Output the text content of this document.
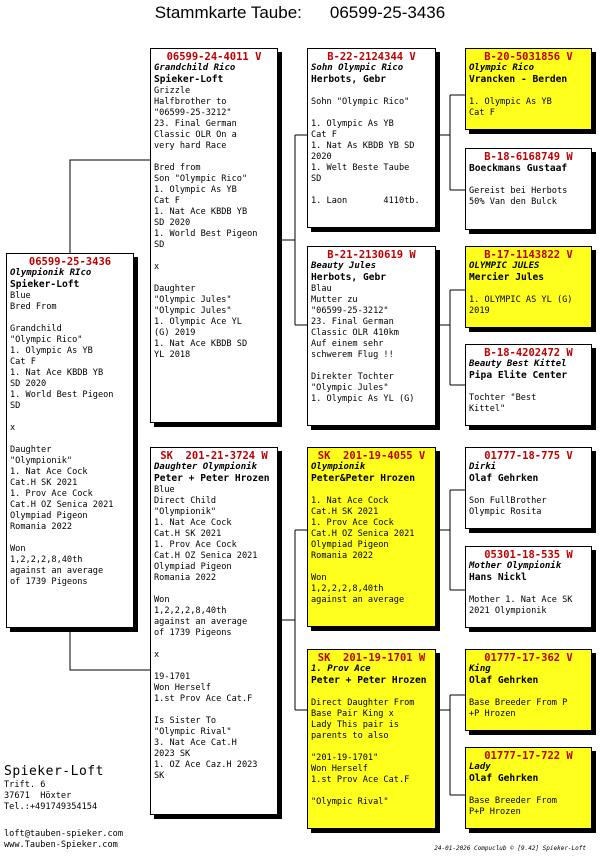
Stammkarte Taube: 06599-25-3436
06599-25-3436
Olympionik RIco
Spieker-Loft
Blue
Bred From
Grandchild
"Olympic Rico"
1. Olympic As YB
Cat F
1. Nat Ace KBDB YB
SD 2020
1. World Best Pigeon
SD
x
Daughter
"Olympionik"
1. Nat Ace Cock
Cat.H SK 2021
1. Prov Ace Cock
Cat.H OZ Senica 2021
Olympiad Pigeon
Romania 2022
Won
1,2,2,2,8,40th
against an average
of 1739 Pigeons
06599-24-4011 V
Grandchild Rico
Spieker-Loft
Grizzle
Halfbrother to
"06599-25-3212"
23. Final German
Classic OLR On a
very hard Race
Bred from
Son "Olympic Rico"
1. Olympic As YB
Cat F
1. Nat Ace KBDB YB
SD 2020
1. World Best Pigeon
SD
x
Daughter
"Olympic Jules"
"Olympic Jules"
1. Olympic Ace YL
(G) 2019
1. Nat Ace KBDB SD
YL 2018
SK  201-21-3724 W
Daughter Olympionik
Peter + Peter Hrozen
Blue
Direct Child
"Olympionik"
1. Nat Ace Cock
Cat.H SK 2021
1. Prov Ace Cock
Cat.H OZ Senica 2021
Olympiad Pigeon
Romania 2022
Won
1,2,2,2,8,40th
against an average
of 1739 Pigeons
x
19-1701
Won Herself
1.st Prov Ace Cat.F
Is Sister To
"Olympic Rival"
3. Nat Ace Cat.H
2023 SK
1. OZ Ace Caz.H 2023
SK
B-22-2124344 V
Sohn Olympic Rico
Herbots, Gebr
Sohn "Olympic Rico"
1. Olympic As YB
Cat F
1. Nat As KBDB YB SD
2020
1. Welt Beste Taube
SD
1. Laon       4110tb.
B-21-2130619 W
Beauty Jules
Herbots, Gebr
Blau
Mutter zu
"06599-25-3212"
23. Final German
Classic OLR 410km
Auf einem sehr
schwerem Flug !!
Direkter Tochter
"Olympic Jules"
1. Olympic As YL (G)
SK  201-19-4055 V
Olympionik
Peter&Peter Hrozen
1. Nat Ace Cock
Cat.H SK 2021
1. Prov Ace Cock
Cat.H OZ Senica 2021
Olympiad Pigeon
Romania 2022
Won
1,2,2,2,8,40th
against an average
SK  201-19-1701 W
1. Prov Ace
Peter + Peter Hrozen
Direct Daughter From
Base Pair King x
Lady This pair is
parents to also
"201-19-1701"
Won Herself
1.st Prov Ace Cat.F
"Olympic Rival"
B-20-5031856 V
Olympic Rico
Vrancken - Berden
1. Olympic As YB
Cat F
B-18-6168749 W
Boeckmans Gustaaf
Gereist bei Herbots
50% Van den Bulck
B-17-1143822 V
OLYMPIC JULES
Mercier Jules
1. OLYMPIC AS YL (G)
2019
B-18-4202472 W
Beauty Best Kittel
Pipa Elite Center
Tochter "Best
Kittel"
01777-18-775 V
Dirki
Olaf Gehrken
Son FullBrother
Olympic Rosita
05301-18-535 W
Mother Olympionik
Hans Nickl
Mother 1. Nat Ace SK
2021 Olympionik
01777-17-362 V
King
Olaf Gehrken
Base Breeder From P
+P Hrozen
01777-17-722 W
Lady
Olaf Gehrken
Base Breeder From
P+P Hrozen
Spieker-Loft
Trift. 6
37671  Höxter
Tel.:+491749354154
loft@tauben-spieker.com
www.Tauben-Spieker.com	24-01-2026 Compuclub © [9.42] Spieker-Loft
